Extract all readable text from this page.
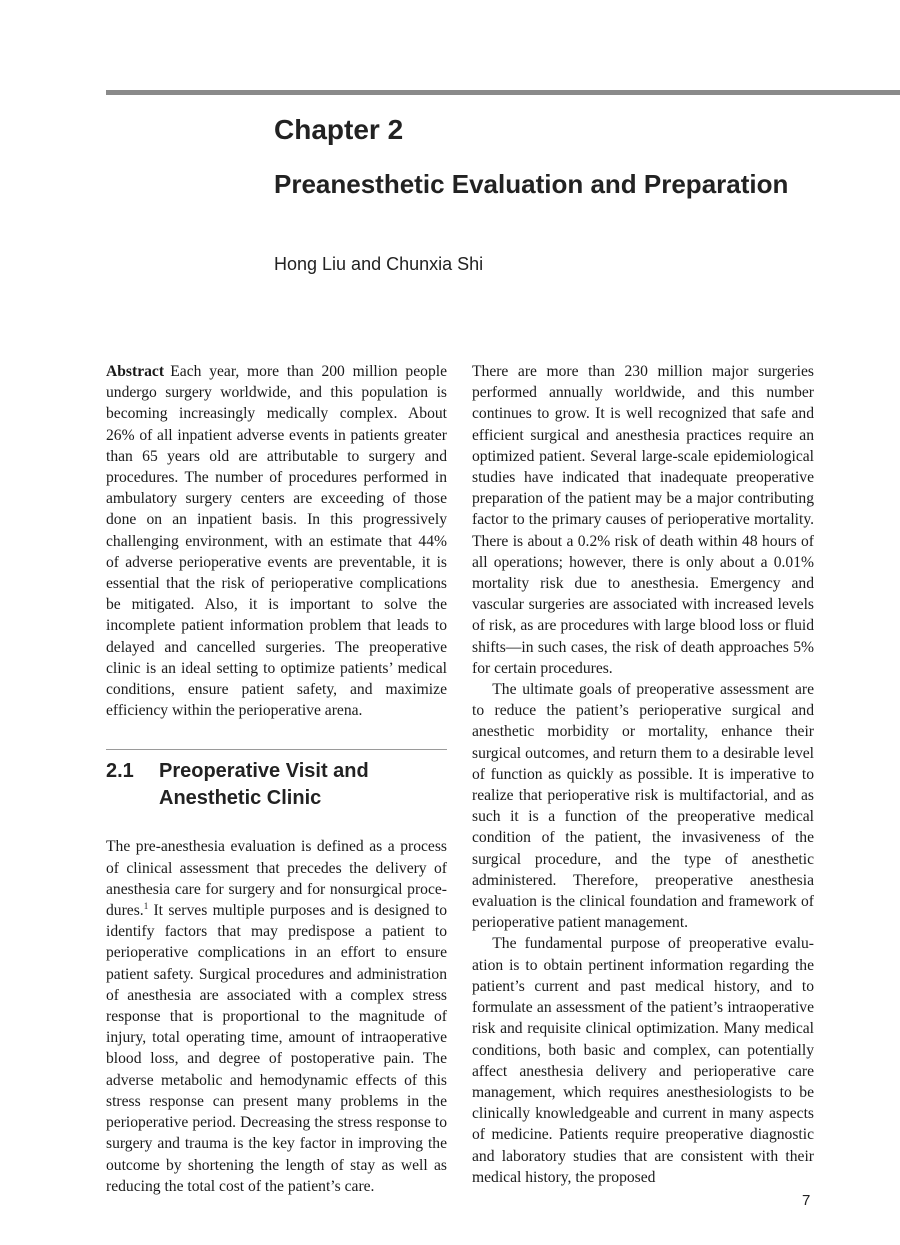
Chapter 2
Preanesthetic Evaluation and Preparation
Hong Liu and Chunxia Shi

Abstract Each year, more than 200 million people undergo surgery worldwide, and this population is becoming increasingly medically complex. About 26% of all inpatient adverse events in patients greater than 65 years old are attributable to surgery and procedures. The number of procedures performed in ambulatory surgery centers are exceeding of those done on an inpatient basis. In this progressively challenging environment, with an estimate that 44% of adverse perioperative events are preventable, it is essential that the risk of perioperative complications be mitigated. Also, it is important to solve the incomplete patient information problem that leads to delayed and cancelled surgeries. The preoperative clinic is an ideal setting to optimize patients’ medical conditions, ensure patient safety, and maximize efficiency within the perioperative arena.

2.1	Preoperative Visit and Anesthetic Clinic

The pre-anesthesia evaluation is defined as a process of clinical assessment that precedes the delivery of anesthesia care for surgery and for nonsurgical procedures.$^1$ It serves multiple purposes and is designed to identify factors that may predispose a patient to perioperative complications in an effort to ensure patient safety. Surgical procedures and administration of anesthesia are associated with a complex stress response that is proportional to the magnitude of injury, total operating time, amount of intraoperative blood loss, and degree of postoperative pain. The adverse metabolic and hemodynamic effects of this stress response can present many problems in the perioperative period. Decreasing the stress response to surgery and trauma is the key factor in improving the outcome by shortening the length of stay as well as reducing the total cost of the patient’s care.

There are more than 230 million major surgeries performed annually worldwide, and this number continues to grow. It is well recognized that safe and efficient surgical and anesthesia practices require an optimized patient. Several large-scale epidemiological studies have indicated that inadequate preoperative preparation of the patient may be a major contributing factor to the primary causes of perioperative mortality. There is about a 0.2% risk of death within 48 hours of all operations; however, there is only about a 0.01% mortality risk due to anesthesia. Emergency and vascular surgeries are associated with increased levels of risk, as are procedures with large blood loss or fluid shifts—in such cases, the risk of death approaches 5% for certain procedures.

The ultimate goals of preoperative assessment are to reduce the patient’s perioperative surgical and anesthetic morbidity or mortality, enhance their surgical outcomes, and return them to a desirable level of function as quickly as possible. It is imperative to realize that perioperative risk is multifactorial, and as such it is a function of the preoperative medical condition of the patient, the invasiveness of the surgical procedure, and the type of anesthetic administered. Therefore, preoperative anesthesia evaluation is the clinical foundation and framework of perioperative patient management.

The fundamental purpose of preoperative evaluation is to obtain pertinent information regarding the patient’s current and past medical history, and to formulate an assessment of the patient’s intraoperative risk and requisite clinical optimization. Many medical conditions, both basic and complex, can potentially affect anesthesia delivery and perioperative care management, which requires anesthesiologists to be clinically knowledgeable and current in many aspects of medicine. Patients require preoperative diagnostic and laboratory studies that are consistent with their medical history, the proposed

7
